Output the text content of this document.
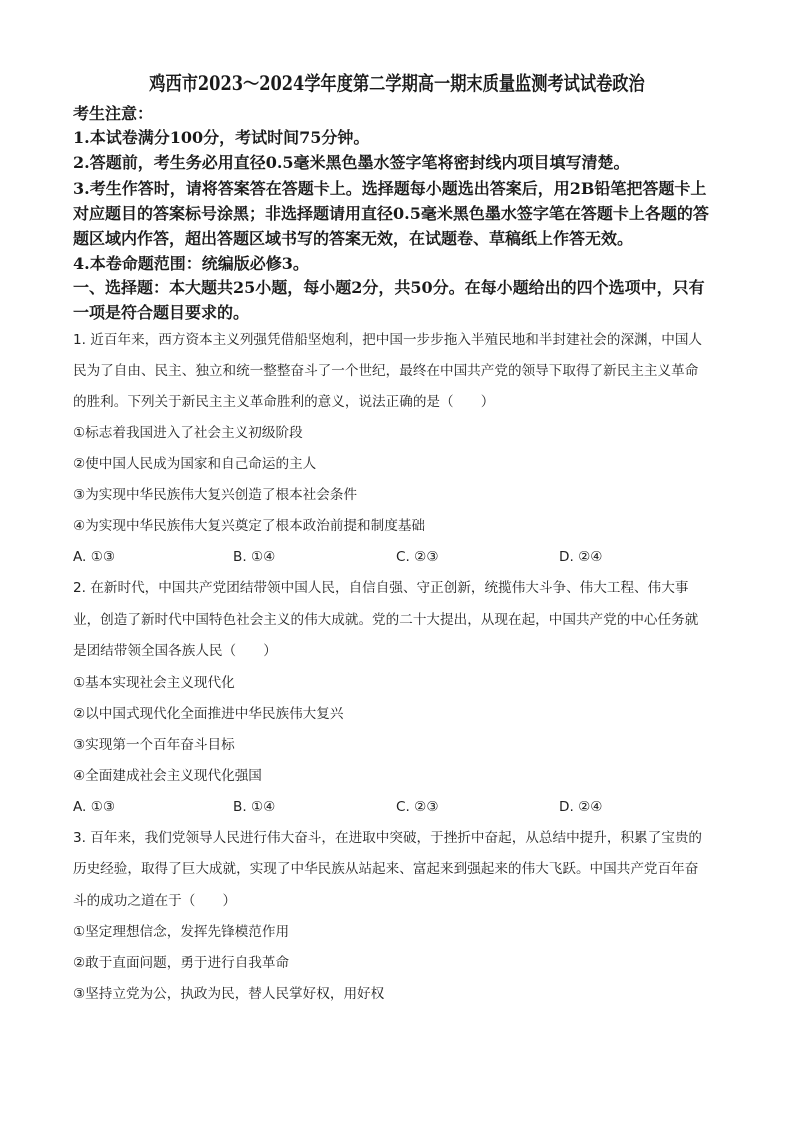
鸡西市2023～2024学年度第二学期高一期末质量监测考试试卷政治
考生注意：
1.本试卷满分100分，考试时间75分钟。
2.答题前，考生务必用直径0.5毫米黑色墨水签字笔将密封线内项目填写清楚。
3.考生作答时，请将答案答在答题卡上。选择题每小题选出答案后，用2B铅笔把答题卡上
对应题目的答案标号涂黑；非选择题请用直径0.5毫米黑色墨水签字笔在答题卡上各题的答
题区域内作答，超出答题区域书写的答案无效，在试题卷、草稿纸上作答无效。
4.本卷命题范围：统编版必修3。
一、选择题：本大题共25小题，每小题2分，共50分。在每小题给出的四个选项中，只有
一项是符合题目要求的。
1. 近百年来，西方资本主义列强凭借船坚炮利，把中国一步步拖入半殖民地和半封建社会的深渊，中国人
民为了自由、民主、独立和统一整整奋斗了一个世纪，最终在中国共产党的领导下取得了新民主主义革命
的胜利。下列关于新民主主义革命胜利的意义，说法正确的是（　　）
①标志着我国进入了社会主义初级阶段
②使中国人民成为国家和自己命运的主人
③为实现中华民族伟大复兴创造了根本社会条件
④为实现中华民族伟大复兴奠定了根本政治前提和制度基础
A. ①③	B. ①④	C. ②③	D. ②④
2. 在新时代，中国共产党团结带领中国人民，自信自强、守正创新，统揽伟大斗争、伟大工程、伟大事
业，创造了新时代中国特色社会主义的伟大成就。党的二十大提出，从现在起，中国共产党的中心任务就
是团结带领全国各族人民（　　）
①基本实现社会主义现代化
②以中国式现代化全面推进中华民族伟大复兴
③实现第一个百年奋斗目标
④全面建成社会主义现代化强国
A. ①③	B. ①④	C. ②③	D. ②④
3. 百年来，我们党领导人民进行伟大奋斗，在进取中突破，于挫折中奋起，从总结中提升，积累了宝贵的
历史经验，取得了巨大成就，实现了中华民族从站起来、富起来到强起来的伟大飞跃。中国共产党百年奋
斗的成功之道在于（　　）
①坚定理想信念，发挥先锋模范作用
②敢于直面问题，勇于进行自我革命
③坚持立党为公，执政为民，替人民掌好权，用好权
